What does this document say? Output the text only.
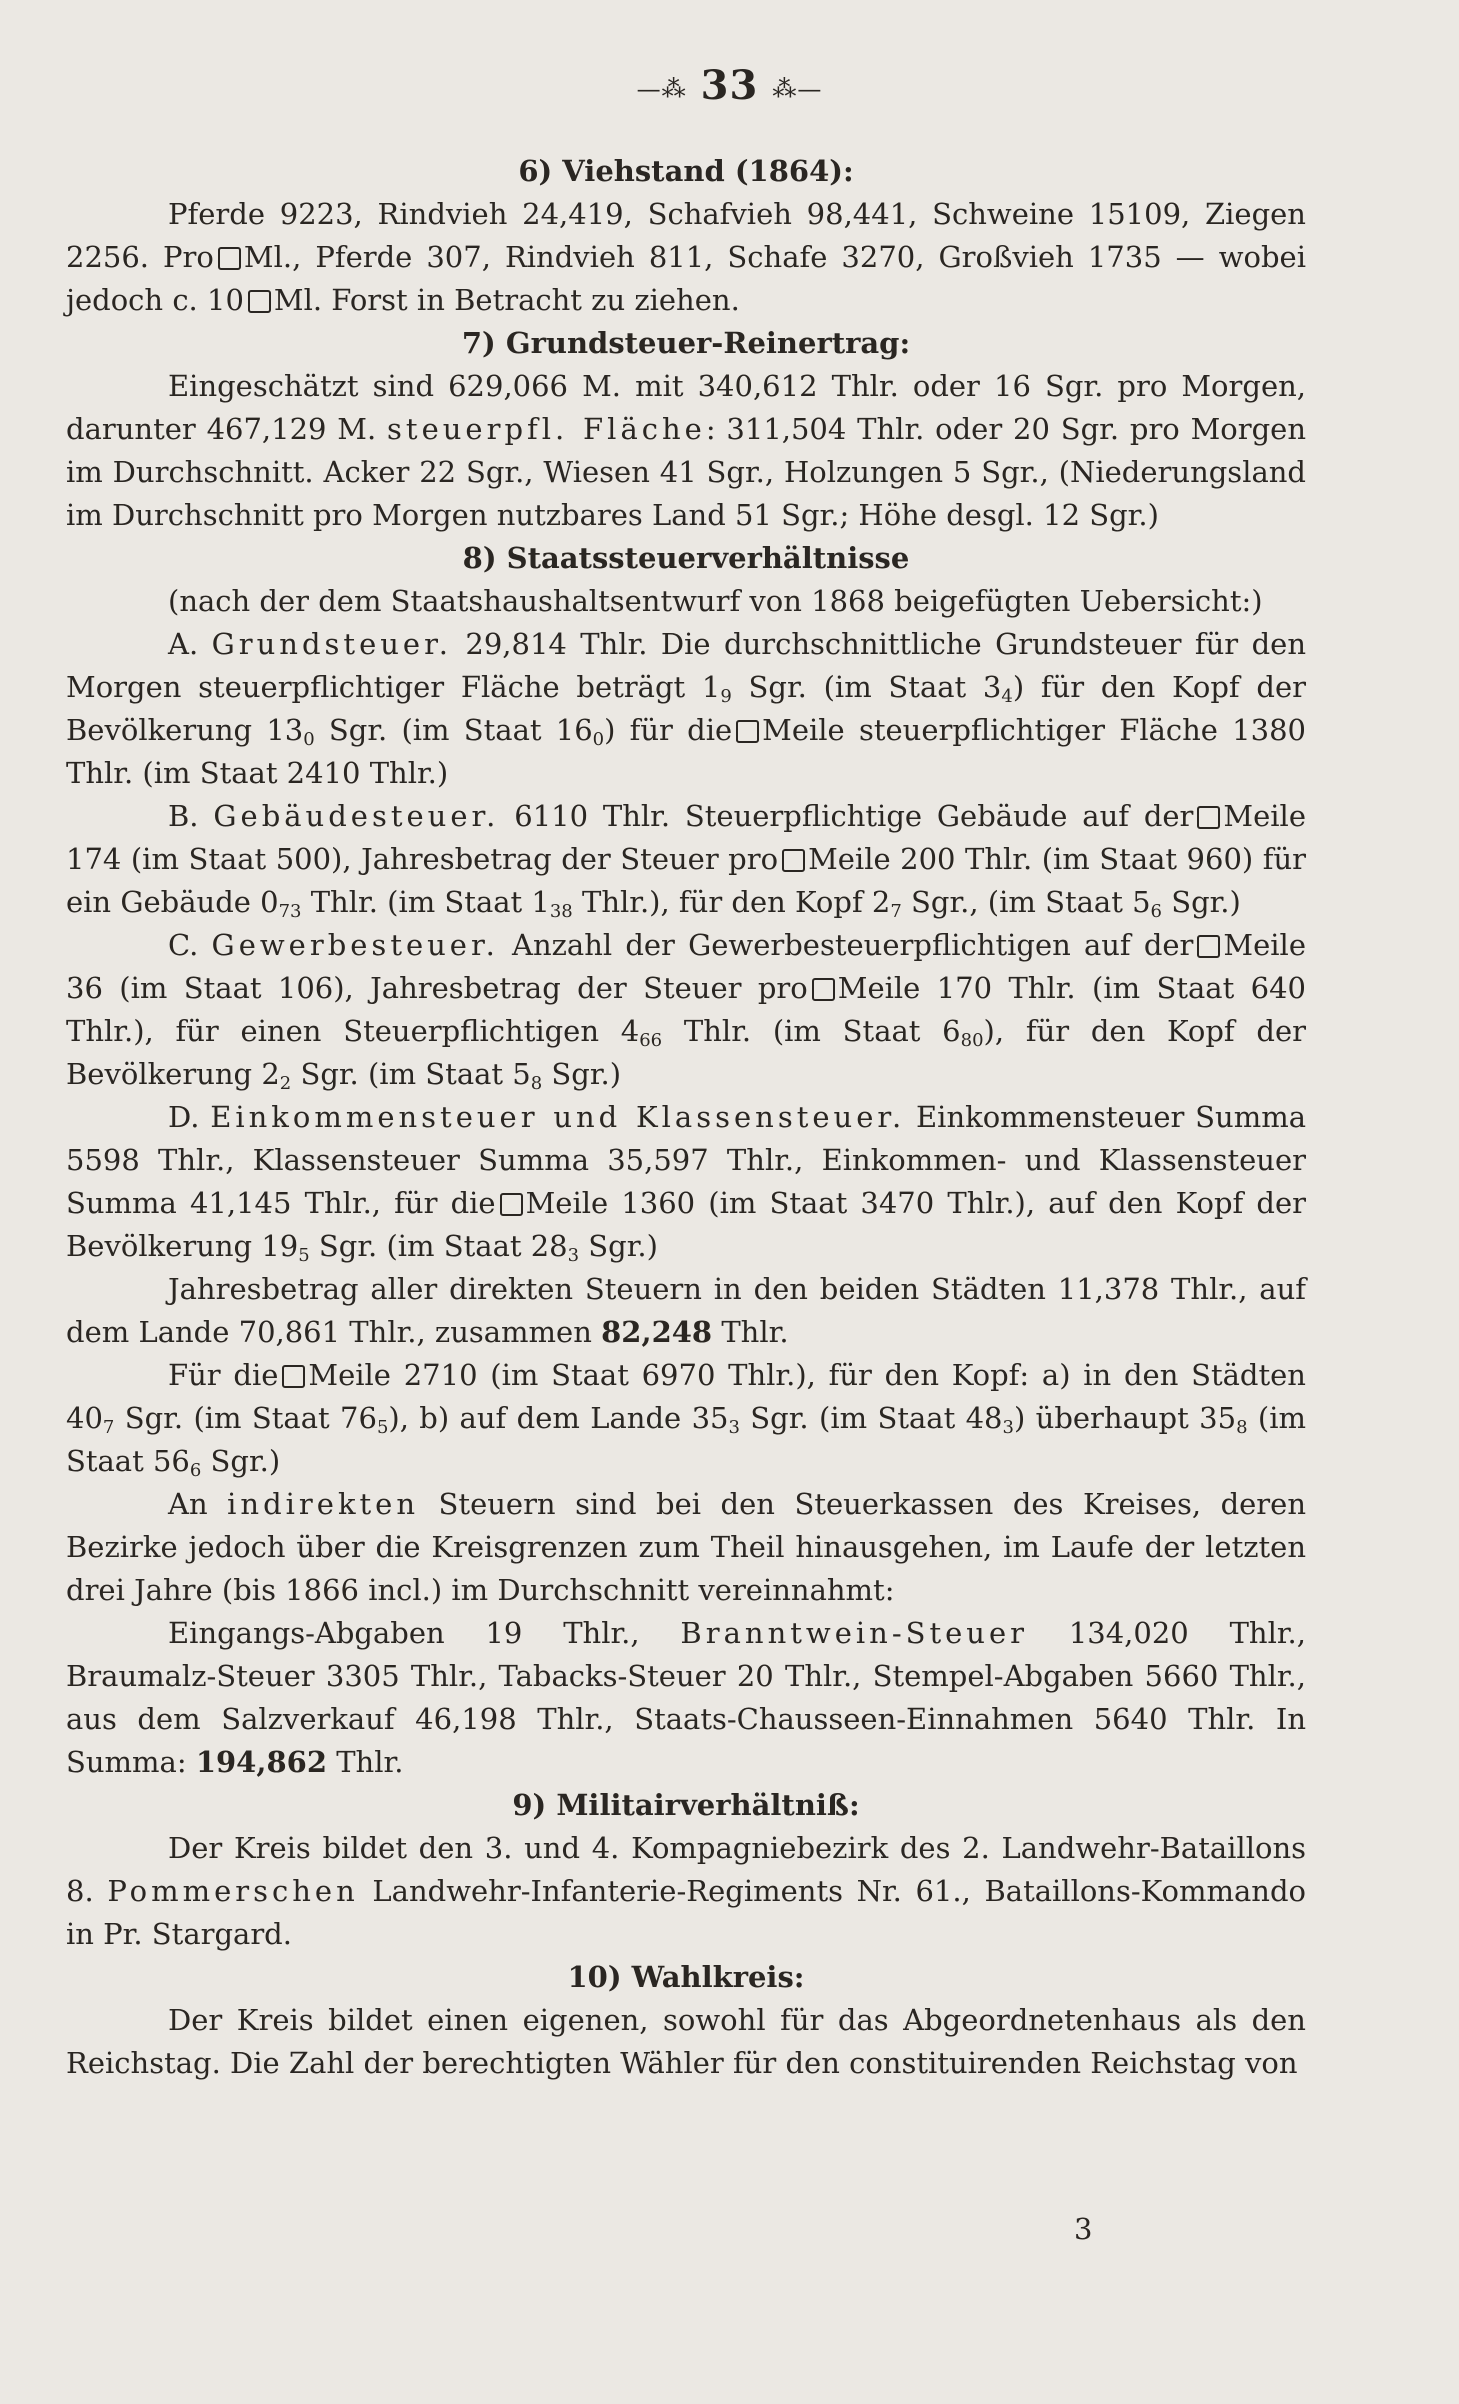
—⁂ 33 ⁂—

6) Viehstand (1864):

Pferde 9223, Rindvieh 24,419, Schafvieh 98,441, Schweine 15109, Ziegen 2256. Pro Ml., Pferde 307, Rindvieh 811, Schafe 3270, Großvieh 1735 — wobei jedoch c. 10 Ml. Forst in Betracht zu ziehen.

7) Grundsteuer-Reinertrag:

Eingeschätzt sind 629,066 M. mit 340,612 Thlr. oder 16 Sgr. pro Morgen, darunter 467,129 M. steuerpfl. Fläche: 311,504 Thlr. oder 20 Sgr. pro Morgen im Durchschnitt. Acker 22 Sgr., Wiesen 41 Sgr., Holzungen 5 Sgr., (Niederungsland im Durchschnitt pro Morgen nutzbares Land 51 Sgr.; Höhe desgl. 12 Sgr.)

8) Staatssteuerverhältnisse

(nach der dem Staatshaushaltsentwurf von 1868 beigefügten Uebersicht:)

A. Grundsteuer. 29,814 Thlr. Die durchschnittliche Grundsteuer für den Morgen steuerpflichtiger Fläche beträgt $1_9$ Sgr. (im Staat $3_4$) für den Kopf der Bevölkerung $13_0$ Sgr. (im Staat $16_0$) für die Meile steuerpflichtiger Fläche 1380 Thlr. (im Staat 2410 Thlr.)

B. Gebäudesteuer. 6110 Thlr. Steuerpflichtige Gebäude auf der Meile 174 (im Staat 500), Jahresbetrag der Steuer pro Meile 200 Thlr. (im Staat 960) für ein Gebäude $0_{73}$ Thlr. (im Staat $1_{38}$ Thlr.), für den Kopf $2_7$ Sgr., (im Staat $5_6$ Sgr.)

C. Gewerbesteuer. Anzahl der Gewerbesteuerpflichtigen auf der Meile 36 (im Staat 106), Jahresbetrag der Steuer pro Meile 170 Thlr. (im Staat 640 Thlr.), für einen Steuerpflichtigen $4_{66}$ Thlr. (im Staat $6_{80}$), für den Kopf der Bevölkerung $2_2$ Sgr. (im Staat $5_8$ Sgr.)

D. Einkommensteuer und Klassensteuer. Einkommensteuer Summa 5598 Thlr., Klassensteuer Summa 35,597 Thlr., Einkommen- und Klassensteuer Summa 41,145 Thlr., für die Meile 1360 (im Staat 3470 Thlr.), auf den Kopf der Bevölkerung $19_5$ Sgr. (im Staat $28_3$ Sgr.)

Jahresbetrag aller direkten Steuern in den beiden Städten 11,378 Thlr., auf dem Lande 70,861 Thlr., zusammen 82,248 Thlr.

Für die Meile 2710 (im Staat 6970 Thlr.), für den Kopf: a) in den Städten $40_7$ Sgr. (im Staat $76_5$), b) auf dem Lande $35_3$ Sgr. (im Staat $48_3$) überhaupt $35_8$ (im Staat $56_6$ Sgr.)

An indirekten Steuern sind bei den Steuerkassen des Kreises, deren Bezirke jedoch über die Kreisgrenzen zum Theil hinausgehen, im Laufe der letzten drei Jahre (bis 1866 incl.) im Durchschnitt vereinnahmt:

Eingangs-Abgaben 19 Thlr., Branntwein-Steuer 134,020 Thlr., Braumalz-Steuer 3305 Thlr., Tabacks-Steuer 20 Thlr., Stempel-Abgaben 5660 Thlr., aus dem Salzverkauf 46,198 Thlr., Staats-Chausseen-Einnahmen 5640 Thlr. In Summa: 194,862 Thlr.

9) Militairverhältniß:

Der Kreis bildet den 3. und 4. Kompagniebezirk des 2. Landwehr-Bataillons 8. Pommerschen Landwehr-Infanterie-Regiments Nr. 61., Bataillons-Kommando in Pr. Stargard.

10) Wahlkreis:

Der Kreis bildet einen eigenen, sowohl für das Abgeordnetenhaus als den Reichstag. Die Zahl der berechtigten Wähler für den constituirenden Reichstag von

3
